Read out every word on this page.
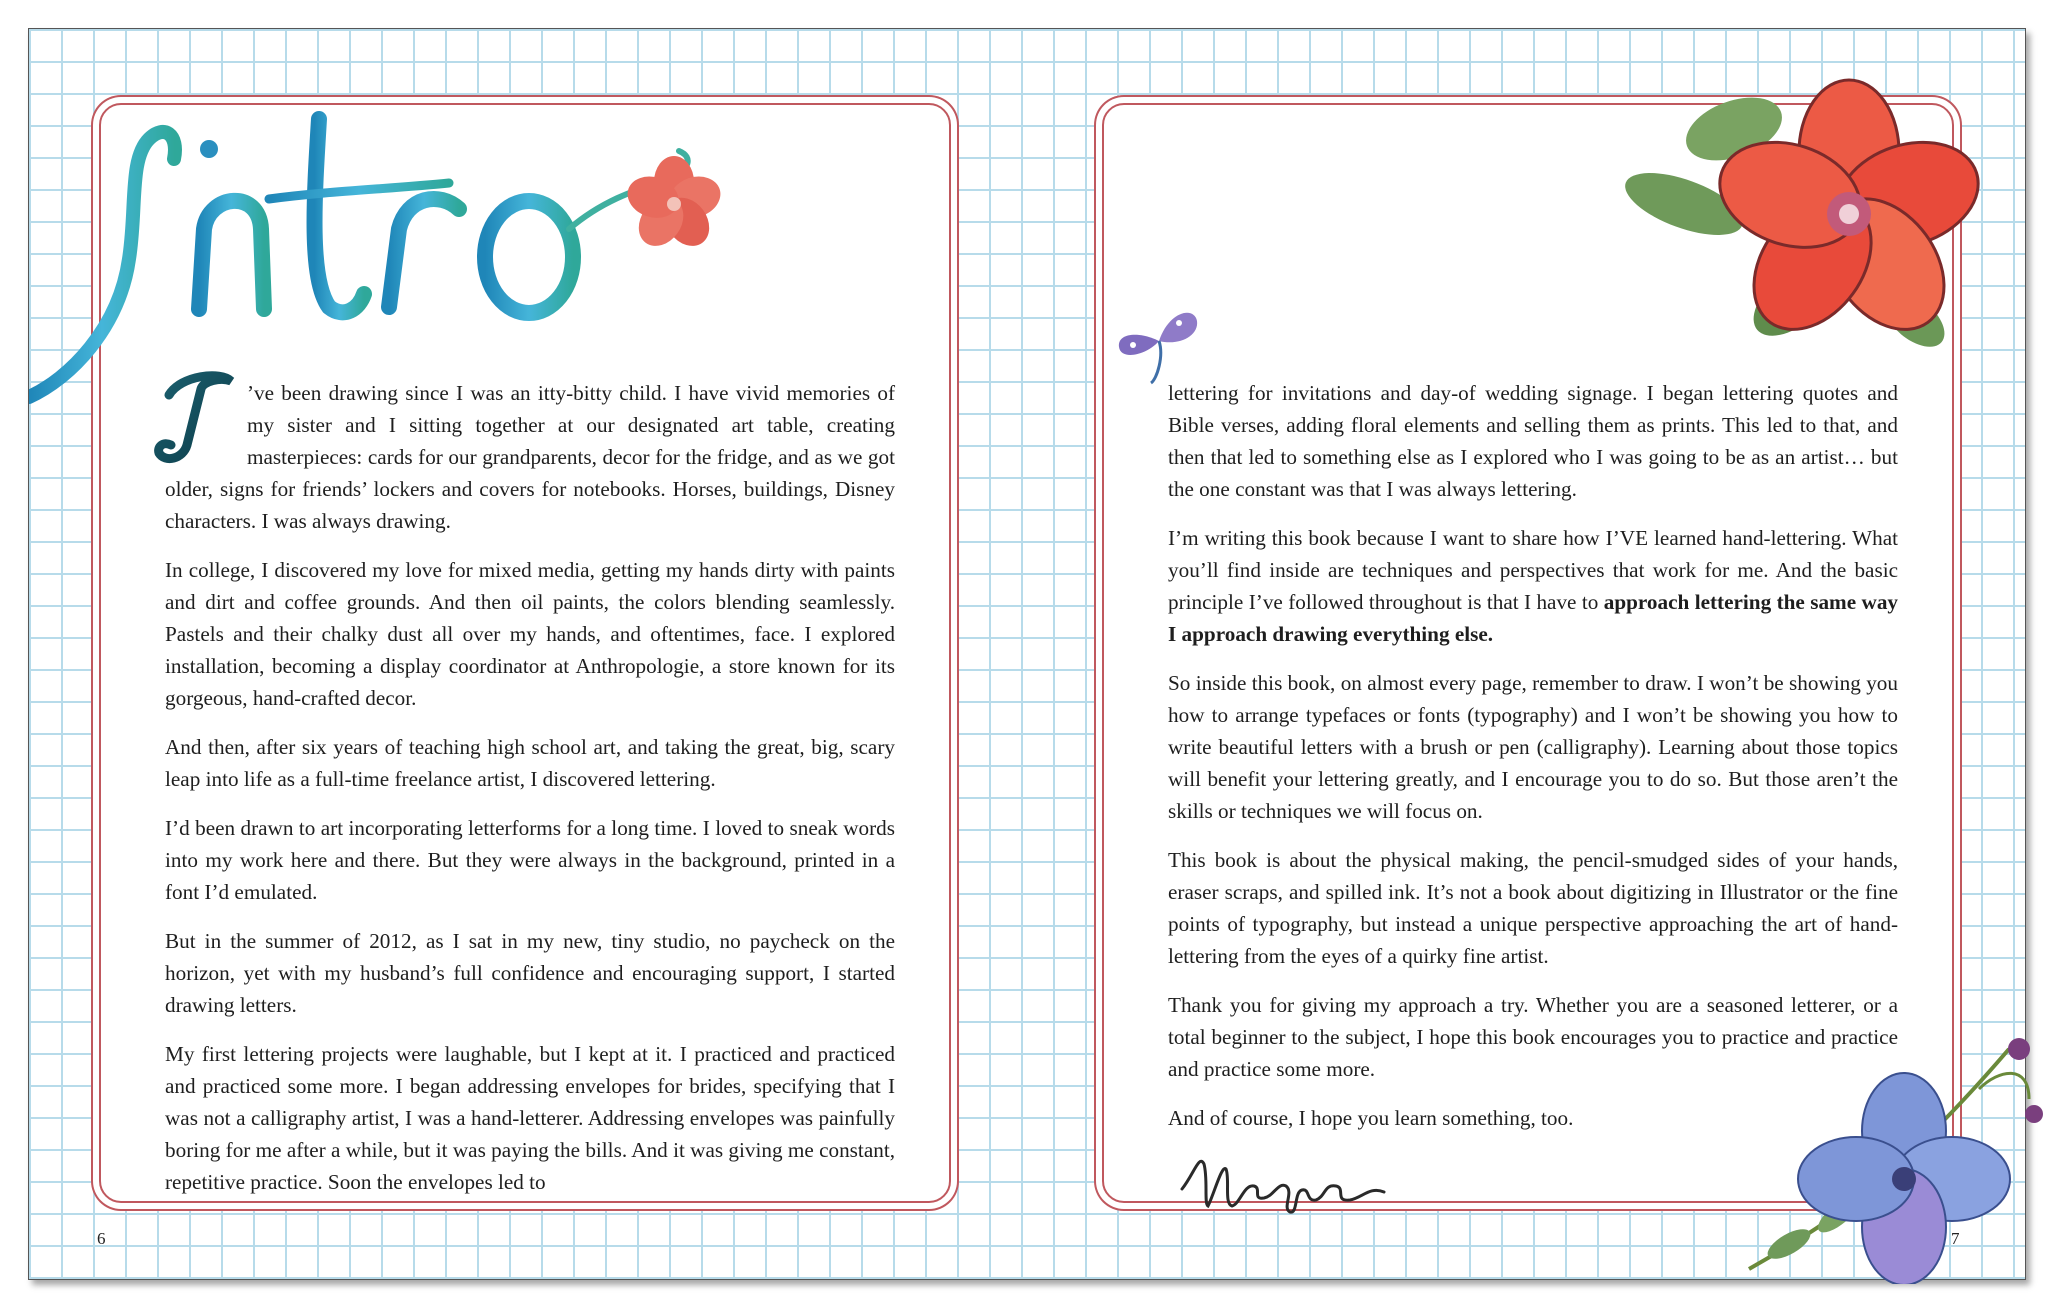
’ve been drawing since I was an itty-bitty child. I have vivid memories of my sister and I sitting together at our designated art table, creating masterpieces: cards for our grandparents, decor for the fridge, and as we got older, signs for friends’ lockers and covers for notebooks. Horses, buildings, Disney characters. I was always drawing.

In college, I discovered my love for mixed media, getting my hands dirty with paints and dirt and coffee grounds. And then oil paints, the colors blending seamlessly. Pastels and their chalky dust all over my hands, and oftentimes, face. I explored installation, becoming a display coordinator at Anthropologie, a store known for its gorgeous, hand-crafted decor.

And then, after six years of teaching high school art, and taking the great, big, scary leap into life as a full-time freelance artist, I discovered lettering.

I’d been drawn to art incorporating letterforms for a long time. I loved to sneak words into my work here and there. But they were always in the background, printed in a font I’d emulated.

But in the summer of 2012, as I sat in my new, tiny studio, no paycheck on the horizon, yet with my husband’s full confidence and encouraging support, I started drawing letters.

My first lettering projects were laughable, but I kept at it. I practiced and practiced and practiced some more. I began addressing envelopes for brides, specifying that I was not a calligraphy artist, I was a hand-letterer. Addressing envelopes was painfully boring for me after a while, but it was paying the bills. And it was giving me constant, repetitive practice. Soon the envelopes led to

lettering for invitations and day-of wedding signage. I began lettering quotes and Bible verses, adding floral elements and selling them as prints. This led to that, and then that led to something else as I explored who I was going to be as an artist… but the one constant was that I was always lettering.

I’m writing this book because I want to share how I’VE learned hand-lettering. What you’ll find inside are techniques and perspectives that work for me. And the basic principle I’ve followed throughout is that I have to approach lettering the same way I approach drawing everything else.

So inside this book, on almost every page, remember to draw. I won’t be showing you how to arrange typefaces or fonts (typography) and I won’t be showing you how to write beautiful letters with a brush or pen (calligraphy). Learning about those topics will benefit your lettering greatly, and I encourage you to do so. But those aren’t the skills or techniques we will focus on.

This book is about the physical making, the pencil-smudged sides of your hands, eraser scraps, and spilled ink. It’s not a book about digitizing in Illustrator or the fine points of typography, but instead a unique perspective approaching the art of hand-lettering from the eyes of a quirky fine artist.

Thank you for giving my approach a try. Whether you are a seasoned letterer, or a total beginner to the subject, I hope this book encourages you to practice and practice and practice some more.

And of course, I hope you learn something, too.

6	7
